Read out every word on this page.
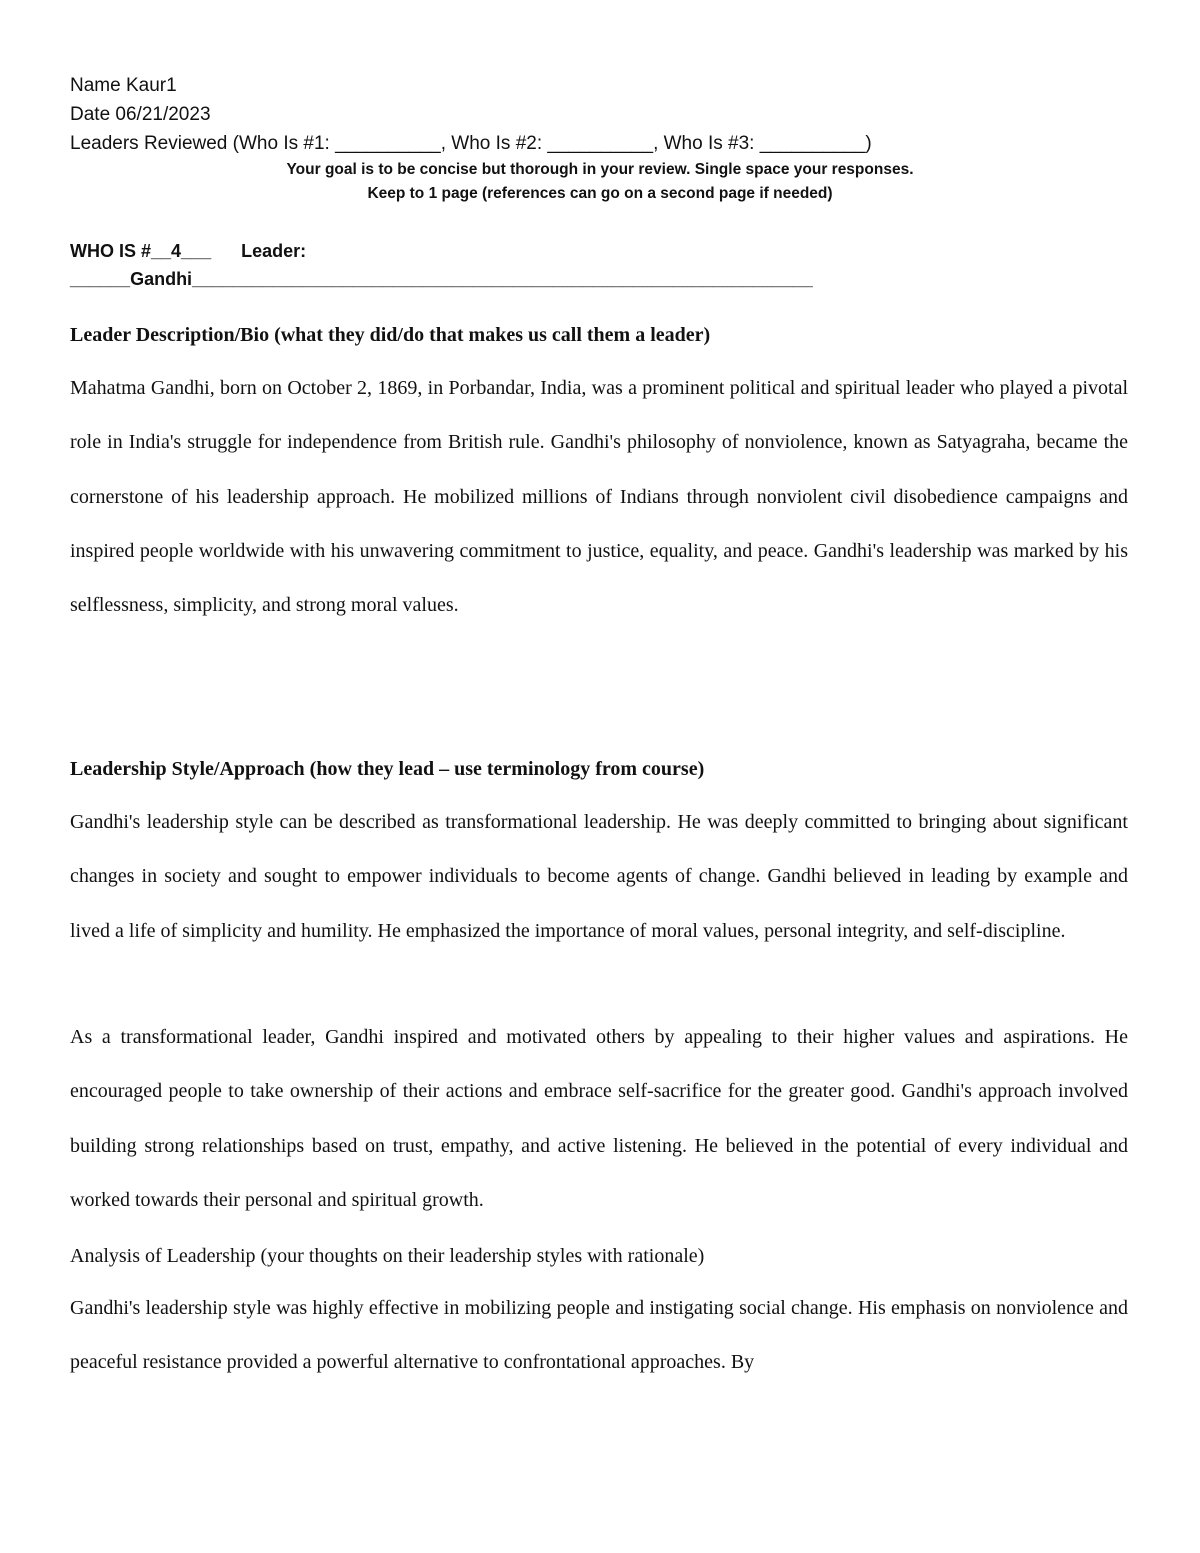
Name Kaur1
Date 06/21/2023
Leaders Reviewed (Who Is #1: __________, Who Is #2: __________, Who Is #3: __________)
Your goal is to be concise but thorough in your review. Single space your responses.
Keep to 1 page (references can go on a second page if needed)
WHO IS #__4___      Leader:
______Gandhi______________________________________________________________
Leader Description/Bio (what they did/do that makes us call them a leader)

Mahatma Gandhi, born on October 2, 1869, in Porbandar, India, was a prominent political and spiritual leader who played a pivotal role in India's struggle for independence from British rule. Gandhi's philosophy of nonviolence, known as Satyagraha, became the cornerstone of his leadership approach. He mobilized millions of Indians through nonviolent civil disobedience campaigns and inspired people worldwide with his unwavering commitment to justice, equality, and peace. Gandhi's leadership was marked by his selflessness, simplicity, and strong moral values.

Leadership Style/Approach (how they lead – use terminology from course)

Gandhi's leadership style can be described as transformational leadership. He was deeply committed to bringing about significant changes in society and sought to empower individuals to become agents of change. Gandhi believed in leading by example and lived a life of simplicity and humility. He emphasized the importance of moral values, personal integrity, and self-discipline.

As a transformational leader, Gandhi inspired and motivated others by appealing to their higher values and aspirations. He encouraged people to take ownership of their actions and embrace self-sacrifice for the greater good. Gandhi's approach involved building strong relationships based on trust, empathy, and active listening. He believed in the potential of every individual and worked towards their personal and spiritual growth.

Analysis of Leadership (your thoughts on their leadership styles with rationale)

Gandhi's leadership style was highly effective in mobilizing people and instigating social change. His emphasis on nonviolence and peaceful resistance provided a powerful alternative to confrontational approaches. By
